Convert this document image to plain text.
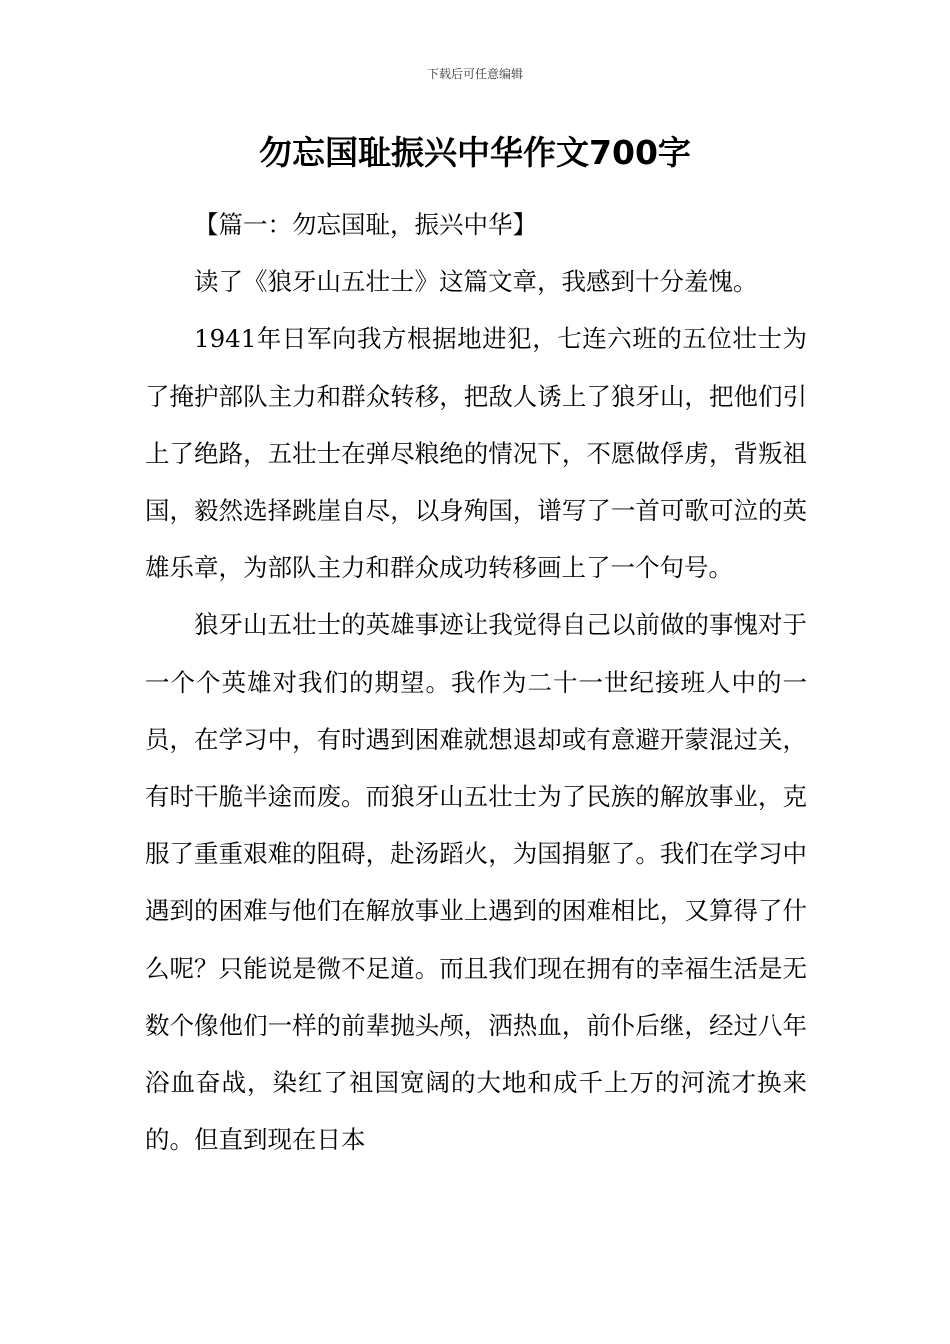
下载后可任意编辑
勿忘国耻振兴中华作文700字

【篇一：勿忘国耻，振兴中华】

读了《狼牙山五壮士》这篇文章，我感到十分羞愧。

1941年日军向我方根据地进犯，七连六班的五位壮士为了掩护部队主力和群众转移，把敌人诱上了狼牙山，把他们引上了绝路，五壮士在弹尽粮绝的情况下，不愿做俘虏，背叛祖国，毅然选择跳崖自尽，以身殉国，谱写了一首可歌可泣的英雄乐章，为部队主力和群众成功转移画上了一个句号。

狼牙山五壮士的英雄事迹让我觉得自己以前做的事愧对于一个个英雄对我们的期望。我作为二十一世纪接班人中的一员，在学习中，有时遇到困难就想退却或有意避开蒙混过关，有时干脆半途而废。而狼牙山五壮士为了民族的解放事业，克服了重重艰难的阻碍，赴汤蹈火，为国捐躯了。我们在学习中遇到的困难与他们在解放事业上遇到的困难相比，又算得了什么呢？只能说是微不足道。而且我们现在拥有的幸福生活是无数个像他们一样的前辈抛头颅，洒热血，前仆后继，经过八年浴血奋战，染红了祖国宽阔的大地和成千上万的河流才换来的。但直到现在日本
